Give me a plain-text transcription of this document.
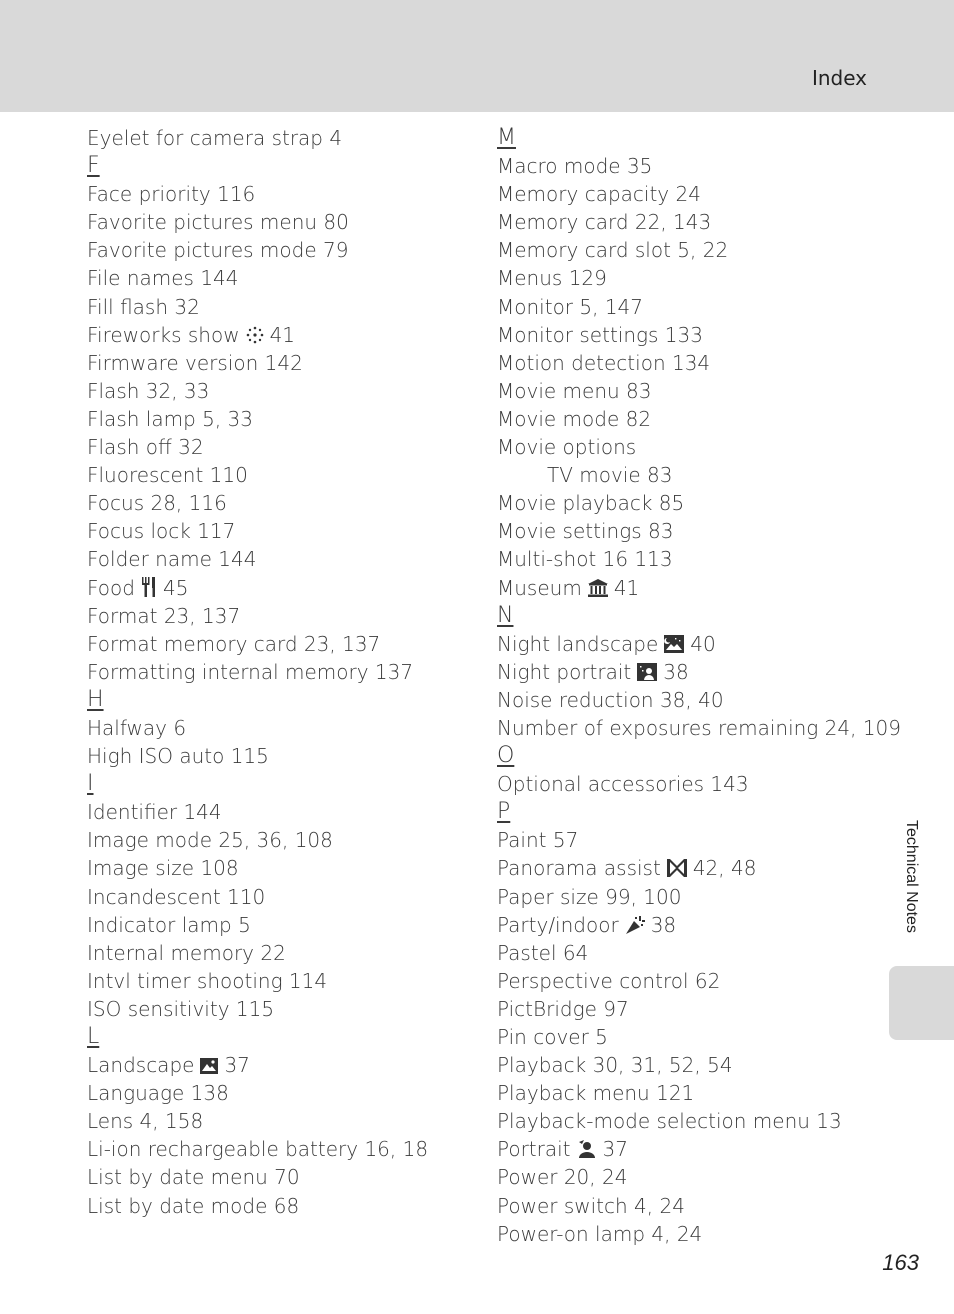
Index
Eyelet for camera strap 4
F
Face priority 116
Favorite pictures menu 80
Favorite pictures mode 79
File names 144
Fill flash 32
Fireworks show 41
Firmware version 142
Flash 32, 33
Flash lamp 5, 33
Flash off 32
Fluorescent 110
Focus 28, 116
Focus lock 117
Folder name 144
Food 45
Format 23, 137
Format memory card 23, 137
Formatting internal memory 137
H
Halfway 6
High ISO auto 115
I
Identifier 144
Image mode 25, 36, 108
Image size 108
Incandescent 110
Indicator lamp 5
Internal memory 22
Intvl timer shooting 114
ISO sensitivity 115
L
Landscape 37
Language 138
Lens 4, 158
Li-ion rechargeable battery 16, 18
List by date menu 70
List by date mode 68
M
Macro mode 35
Memory capacity 24
Memory card 22, 143
Memory card slot 5, 22
Menus 129
Monitor 5, 147
Monitor settings 133
Motion detection 134
Movie menu 83
Movie mode 82
Movie options
TV movie 83
Movie playback 85
Movie settings 83
Multi-shot 16 113
Museum 41
N
Night landscape 40
Night portrait 38
Noise reduction 38, 40
Number of exposures remaining 24, 109
O
Optional accessories 143
P
Paint 57
Panorama assist 42, 48
Paper size 99, 100
Party/indoor 38
Pastel 64
Perspective control 62
PictBridge 97
Pin cover 5
Playback 30, 31, 52, 54
Playback menu 121
Playback-mode selection menu 13
Portrait 37
Power 20, 24
Power switch 4, 24
Power-on lamp 4, 24
Technical Notes
163
